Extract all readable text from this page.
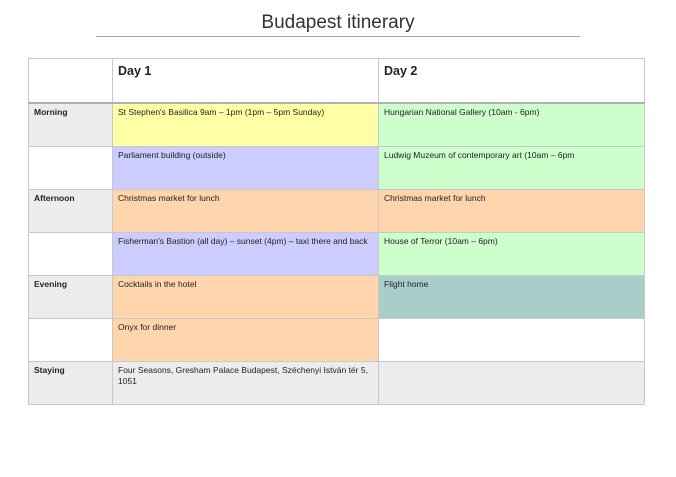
Budapest itinerary
	Day 1	Day 2
Morning	St Stephen's Basilica 9am – 1pm (1pm – 5pm Sunday)	Hungarian National Gallery (10am - 6pm)
	Parliament building (outside)	Ludwig Muzeum of contemporary art (10am – 6pm
Afternoon	Christmas market for lunch	Christmas market for lunch
	Fisherman's Bastion (all day) – sunset (4pm) – taxi there and back	House of Terror (10am – 6pm)
Evening	Cocktails in the hotel	Flight home
	Onyx for dinner	
Staying	Four Seasons, Gresham Palace Budapest, Széchenyi István tér 5, 1051	
